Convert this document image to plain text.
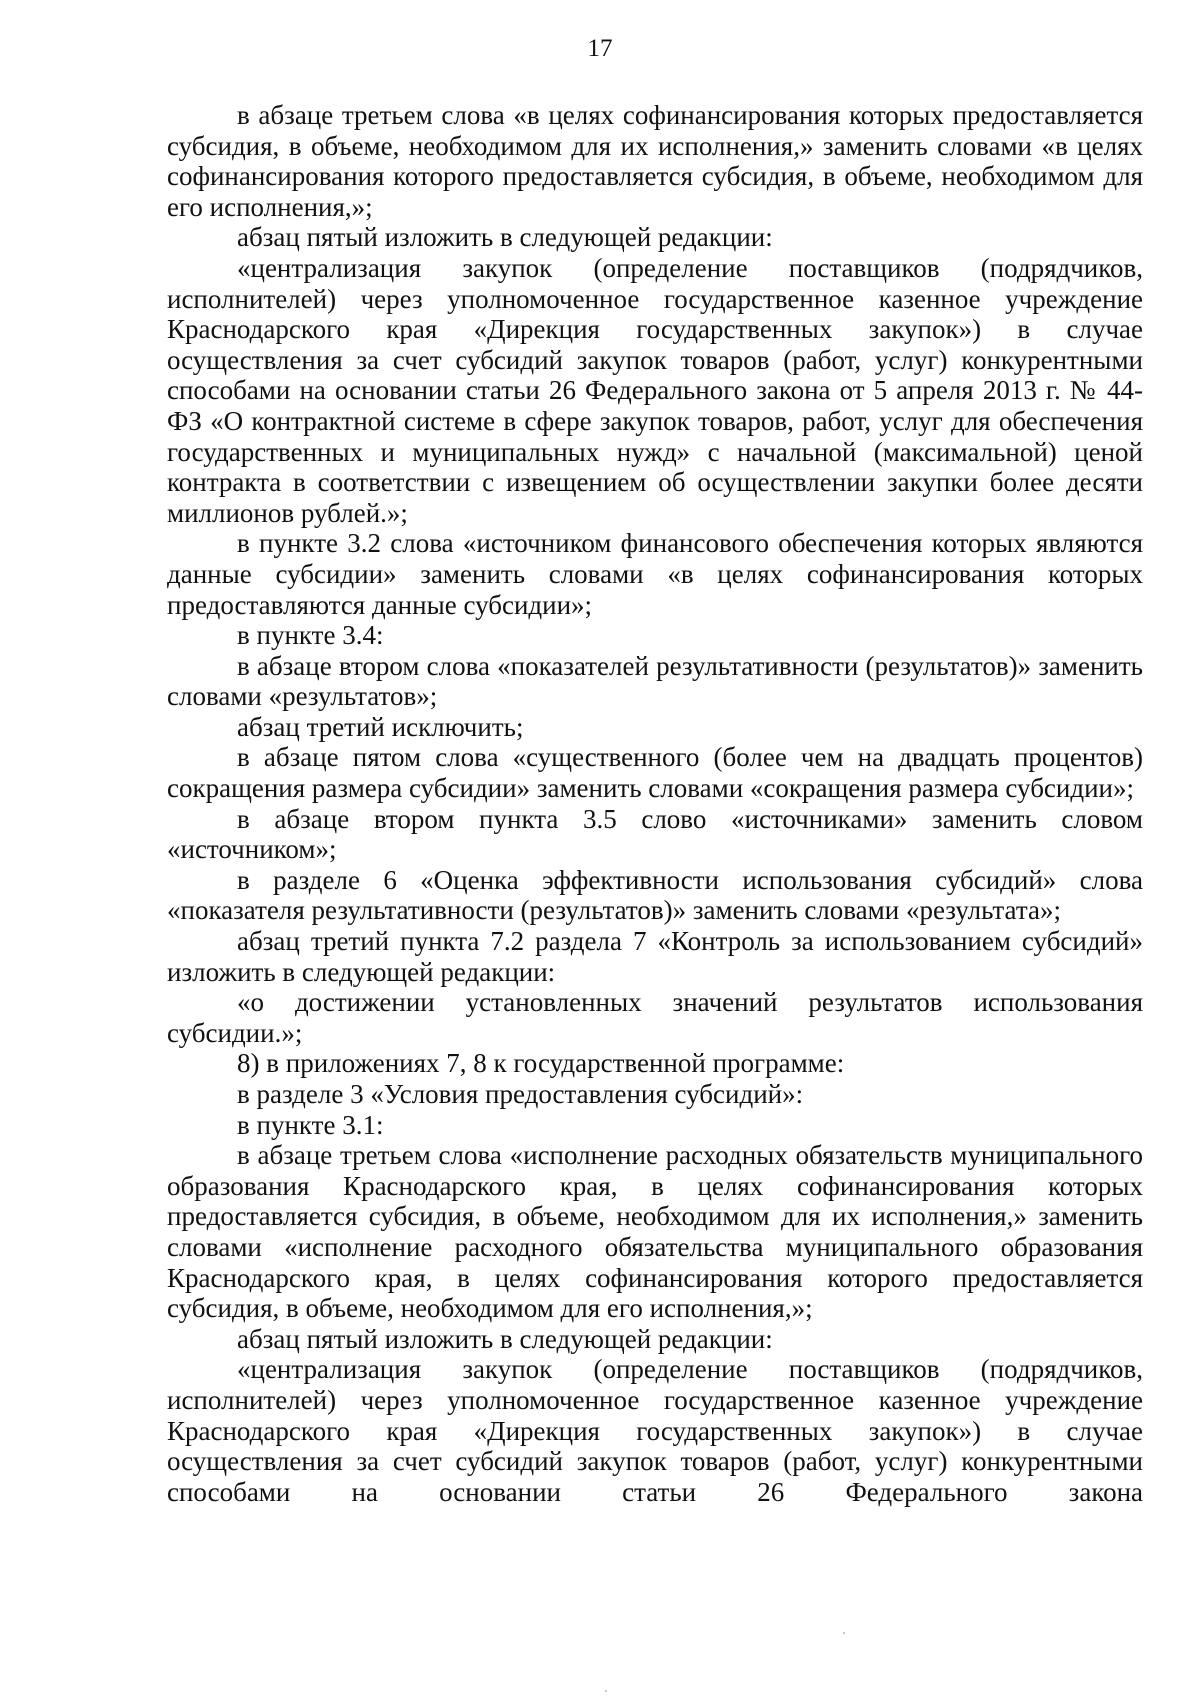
17

в абзаце третьем слова «в целях софинансирования которых предоставляется субсидия, в объеме, необходимом для их исполнения,» заменить словами «в целях софинансирования которого предоставляется субсидия, в объеме, необходимом для его исполнения,»;

абзац пятый изложить в следующей редакции:

«централизация закупок (определение поставщиков (подрядчиков, исполнителей) через уполномоченное государственное казенное учреждение Краснодарского края «Дирекция государственных закупок») в случае осуществления за счет субсидий закупок товаров (работ, услуг) конкурентными способами на основании статьи 26 Федерального закона от 5 апреля 2013 г. № 44-ФЗ «О контрактной системе в сфере закупок товаров, работ, услуг для обеспечения государственных и муниципальных нужд» с начальной (максимальной) ценой контракта в соответствии с извещением об осуществлении закупки более десяти миллионов рублей.»;

в пункте 3.2 слова «источником финансового обеспечения которых являются данные субсидии» заменить словами «в целях софинансирования которых предоставляются данные субсидии»;

в пункте 3.4:

в абзаце втором слова «показателей результативности (результатов)» заменить словами «результатов»;

абзац третий исключить;

в абзаце пятом слова «существенного (более чем на двадцать процентов) сокращения размера субсидии» заменить словами «сокращения размера субсидии»;

в абзаце втором пункта 3.5 слово «источниками» заменить словом «источником»;

в разделе 6 «Оценка эффективности использования субсидий» слова «показателя результативности (результатов)» заменить словами «результата»;

абзац третий пункта 7.2 раздела 7 «Контроль за использованием субсидий» изложить в следующей редакции:

«о достижении установленных значений результатов использования субсидии.»;

8) в приложениях 7, 8 к государственной программе:

в разделе 3 «Условия предоставления субсидий»:

в пункте 3.1:

в абзаце третьем слова «исполнение расходных обязательств муниципального образования Краснодарского края, в целях софинансирования которых предоставляется субсидия, в объеме, необходимом для их исполнения,» заменить словами «исполнение расходного обязательства муниципального образования Краснодарского края, в целях софинансирования которого предоставляется субсидия, в объеме, необходимом для его исполнения,»;

абзац пятый изложить в следующей редакции:

«централизация закупок (определение поставщиков (подрядчиков, исполнителей) через уполномоченное государственное казенное учреждение Краснодарского края «Дирекция государственных закупок») в случае осуществления за счет субсидий закупок товаров (работ, услуг) конкурентными способами на основании статьи 26 Федерального закона
